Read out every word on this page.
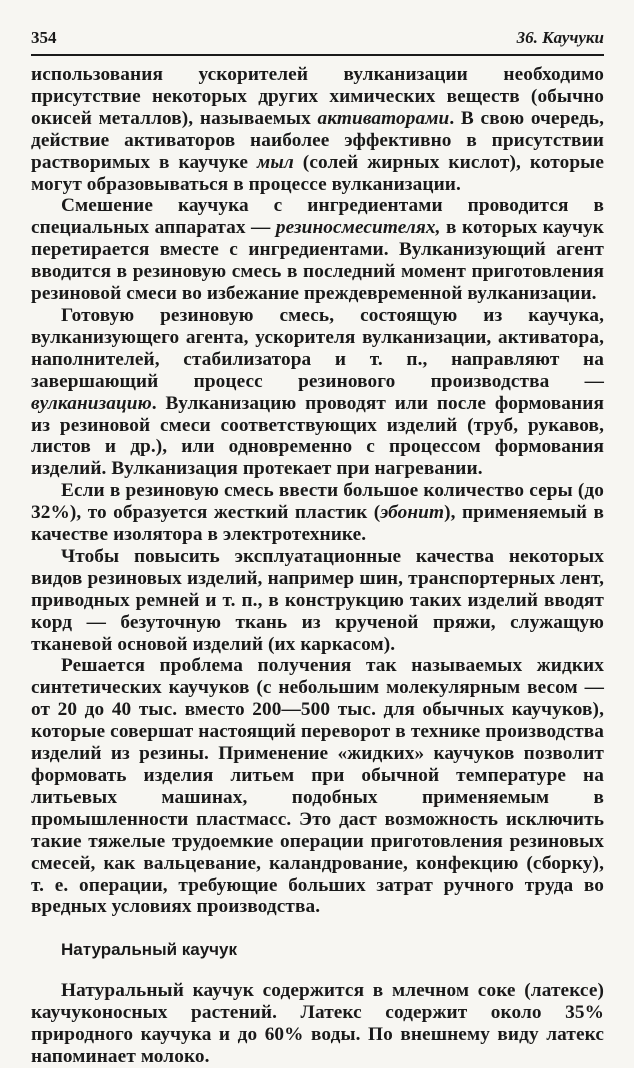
354	36. Каучуки

использования ускорителей вулканизации необходимо присутствие некоторых других химических веществ (обычно окисей металлов), называемых активаторами. В свою очередь, действие активаторов наиболее эффективно в присутствии растворимых в каучуке мыл (солей жирных кислот), которые могут образовываться в процессе вулканизации.

Смешение каучука с ингредиентами проводится в специальных аппаратах — резиносмесителях, в которых каучук перетирается вместе с ингредиентами. Вулканизующий агент вводится в резиновую смесь в последний момент приготовления резиновой смеси во избежание преждевременной вулканизации.

Готовую резиновую смесь, состоящую из каучука, вулканизующего агента, ускорителя вулканизации, активатора, наполнителей, стабилизатора и т. п., направляют на завершающий процесс резинового производства — вулканизацию. Вулканизацию проводят или после формования из резиновой смеси соответствующих изделий (труб, рукавов, листов и др.), или одновременно с процессом формования изделий. Вулканизация протекает при нагревании.

Если в резиновую смесь ввести большое количество серы (до 32%), то образуется жесткий пластик (эбонит), применяемый в качестве изолятора в электротехнике.

Чтобы повысить эксплуатационные качества некоторых видов резиновых изделий, например шин, транспортерных лент, приводных ремней и т. п., в конструкцию таких изделий вводят корд — безуточную ткань из крученой пряжи, служащую тканевой основой изделий (их каркасом).

Решается проблема получения так называемых жидких синтетических каучуков (с небольшим молекулярным весом — от 20 до 40 тыс. вместо 200—500 тыс. для обычных каучуков), которые совершат настоящий переворот в технике производства изделий из резины. Применение «жидких» каучуков позволит формовать изделия литьем при обычной температуре на литьевых машинах, подобных применяемым в промышленности пластмасс. Это даст возможность исключить такие тяжелые трудоемкие операции приготовления резиновых смесей, как вальцевание, каландрование, конфекцию (сборку), т. е. операции, требующие больших затрат ручного труда во вредных условиях производства.

Натуральный каучук

Натуральный каучук содержится в млечном соке (латексе) каучуконосных растений. Латекс содержит около 35% природного каучука и до 60% воды. По внешнему виду латекс напоминает молоко.
